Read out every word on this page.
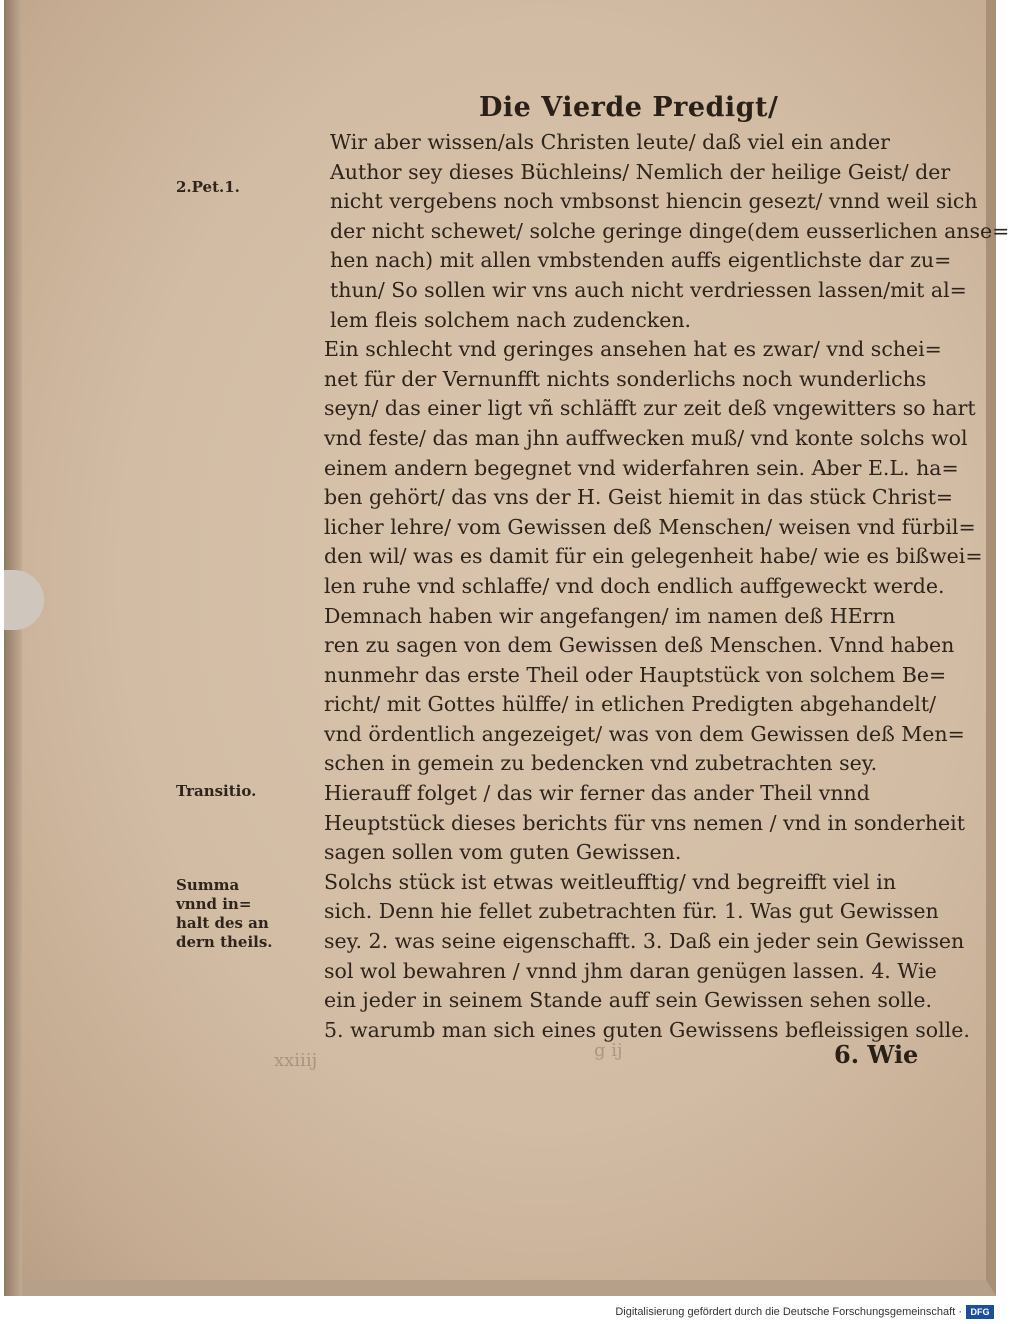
Die Vierde Predigt/
2.Pet.1.
Transitio.
Summa
vnnd in=
halt des an
dern theils.
Wir aber wissen/als Christen leute/ daß viel ein ander
Author sey dieses Büchleins/ Nemlich der heilige Geist/ der
nicht vergebens noch vmbsonst hiencin gesezt/ vnnd weil sich
der nicht schewet/ solche geringe dinge(dem eusserlichen anse=
hen nach) mit allen vmbstenden auffs eigentlichste dar zu=
thun/ So sollen wir vns auch nicht verdriessen lassen/mit al=
lem fleis solchem nach zudencken.
Ein schlecht vnd geringes ansehen hat es zwar/ vnd schei=
net für der Vernunfft nichts sonderlichs noch wunderlichs
seyn/ das einer ligt vñ schläfft zur zeit deß vngewitters so hart
vnd feste/ das man jhn auffwecken muß/ vnd konte solchs wol
einem andern begegnet vnd widerfahren sein. Aber E.L. ha=
ben gehört/ das vns der H. Geist hiemit in das stück Christ=
licher lehre/ vom Gewissen deß Menschen/ weisen vnd fürbil=
den wil/ was es damit für ein gelegenheit habe/ wie es bißwei=
len ruhe vnd schlaffe/ vnd doch endlich auffgeweckt werde.
Demnach haben wir angefangen/ im namen deß HErrn
ren zu sagen von dem Gewissen deß Menschen. Vnnd haben
nunmehr das erste Theil oder Hauptstück von solchem Be=
richt/ mit Gottes hülffe/ in etlichen Predigten abgehandelt/
vnd ördentlich angezeiget/ was von dem Gewissen deß Men=
schen in gemein zu bedencken vnd zubetrachten sey.
Hierauff folget / das wir ferner das ander Theil vnnd
Heuptstück dieses berichts für vns nemen / vnd in sonderheit
sagen sollen vom guten Gewissen.
Solchs stück ist etwas weitleufftig/ vnd begreifft viel in
sich. Denn hie fellet zubetrachten für. 1. Was gut Gewissen
sey. 2. was seine eigenschafft. 3. Daß ein jeder sein Gewissen
sol wol bewahren / vnnd jhm daran genügen lassen. 4. Wie
ein jeder in seinem Stande auff sein Gewissen sehen solle.
5. warumb man sich eines guten Gewissens befleissigen solle.
xxiiij	g ij	6. Wie
Digitalisierung gefördert durch die Deutsche Forschungsgemeinschaft · DFG
